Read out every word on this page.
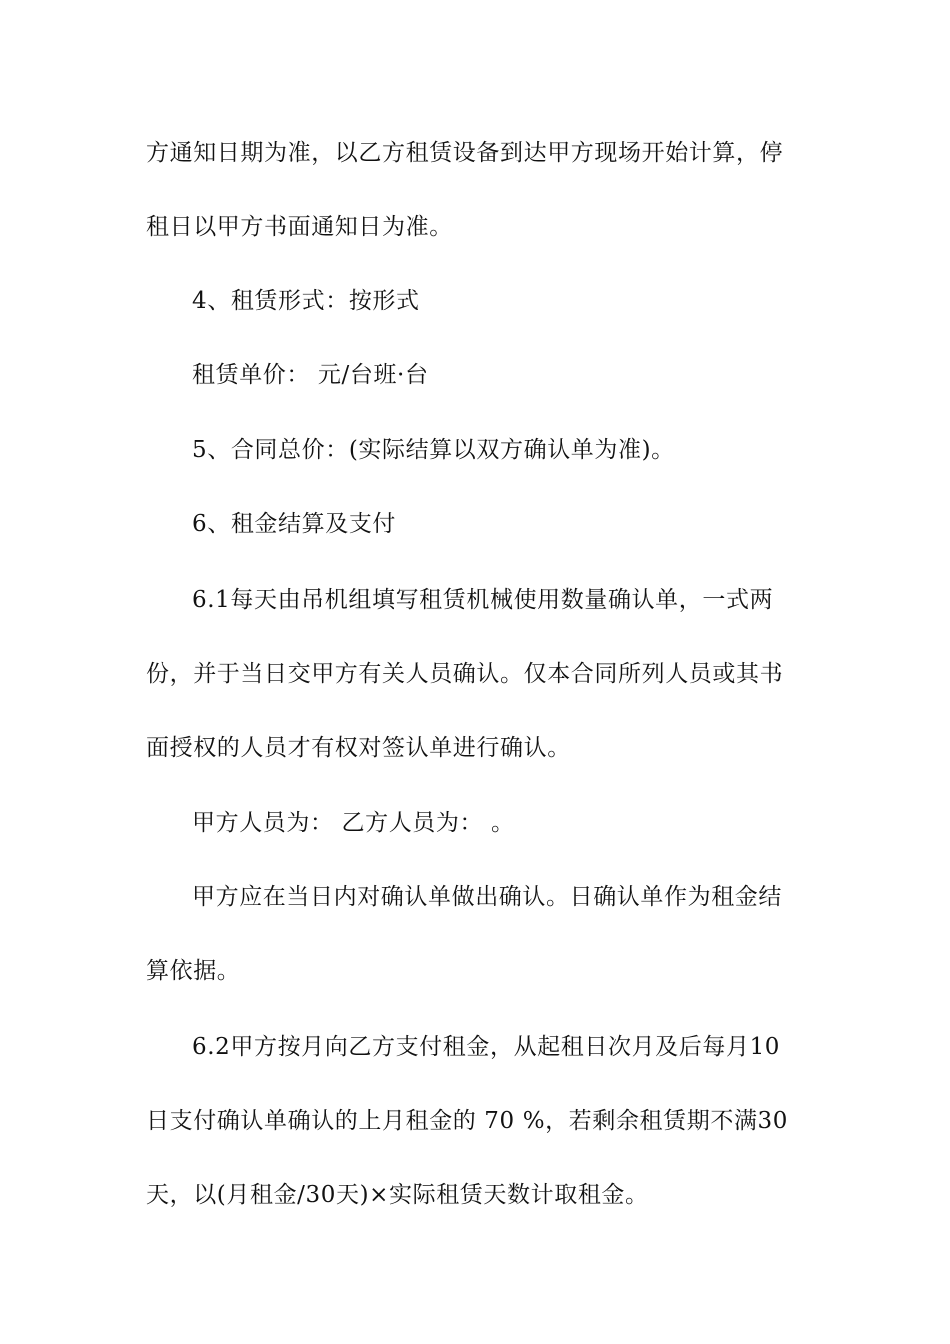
方通知日期为准，以乙方租赁设备到达甲方现场开始计算，停
租日以甲方书面通知日为准。
4、租赁形式：按形式
租赁单价： 元/台班·台
5、合同总价：(实际结算以双方确认单为准)。
6、租金结算及支付
6.1每天由吊机组填写租赁机械使用数量确认单，一式两
份，并于当日交甲方有关人员确认。仅本合同所列人员或其书
面授权的人员才有权对签认单进行确认。
甲方人员为： 乙方人员为： 。
甲方应在当日内对确认单做出确认。日确认单作为租金结
算依据。
6.2甲方按月向乙方支付租金，从起租日次月及后每月10
日支付确认单确认的上月租金的 70 %，若剩余租赁期不满30
天，以(月租金/30天)×实际租赁天数计取租金。
